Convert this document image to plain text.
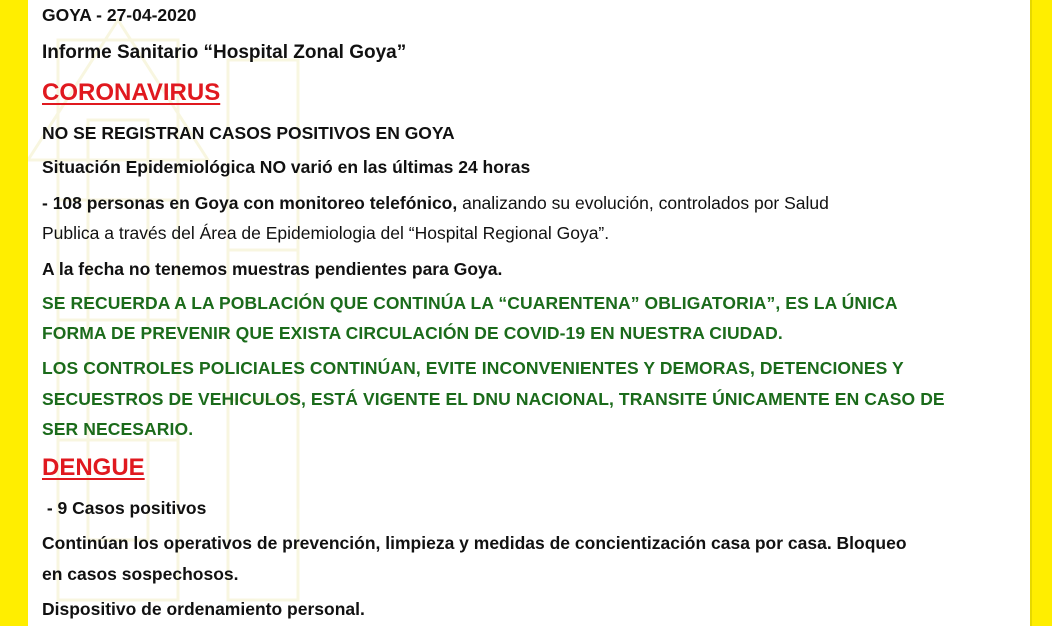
GOYA - 27-04-2020
Informe Sanitario “Hospital Zonal Goya”
CORONAVIRUS
NO SE REGISTRAN CASOS POSITIVOS EN GOYA
Situación Epidemiológica NO varió en las últimas 24 horas
- 108 personas en Goya con monitoreo telefónico, analizando su evolución, controlados por Salud
Publica a través del Área de Epidemiologia del “Hospital Regional Goya”.
A la fecha no tenemos muestras pendientes para Goya.
SE RECUERDA A LA POBLACIÓN QUE CONTINÚA LA “CUARENTENA” OBLIGATORIA”, ES LA ÚNICA
FORMA DE PREVENIR QUE EXISTA CIRCULACIÓN DE COVID-19 EN NUESTRA CIUDAD.
LOS CONTROLES POLICIALES CONTINÚAN, EVITE INCONVENIENTES Y DEMORAS, DETENCIONES Y
SECUESTROS DE VEHICULOS, ESTÁ VIGENTE EL DNU NACIONAL, TRANSITE ÚNICAMENTE EN CASO DE
SER NECESARIO.
DENGUE
- 9 Casos positivos
Continúan los operativos de prevención, limpieza y medidas de concientización casa por casa. Bloqueo
en casos sospechosos.
Dispositivo de ordenamiento personal.
